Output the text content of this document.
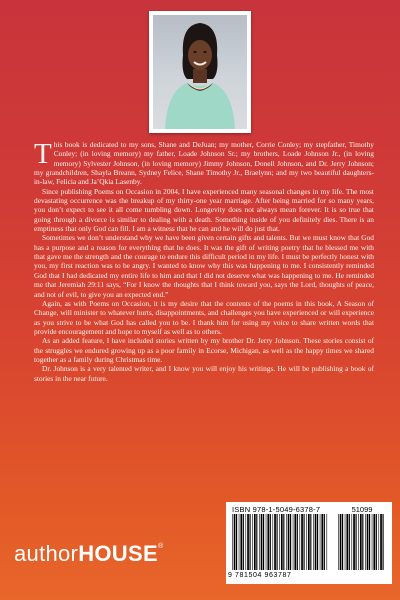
This book is dedicated to my sons, Shane and DeJuan; my mother, Corrie Conley; my stepfather, Timothy Conley; (in loving memory) my father, Loade Johnson Sr.; my brothers, Loade Johnson Jr., (in loving memory) Sylvester Johnson, (in loving memory) Jimmy Johnson, Donell Johnson, and Dr. Jerry Johnson; my grandchildren, Shayla Breann, Sydney Felice, Shane Timothy Jr., Braelynn; and my two beautiful daughters-in-law, Felicia and Ja’Qkia Lasenby.

Since publishing Poems on Occasion in 2004, I have experienced many seasonal changes in my life. The most devastating occurrence was the breakup of my thirty-one year marriage. After being married for so many years, you don’t expect to see it all come tumbling down. Longevity does not always mean forever. It is so true that going through a divorce is similar to dealing with a death. Something inside of you definitely dies. There is an emptiness that only God can fill. I am a witness that he can and he will do just that.

Sometimes we don’t understand why we have been given certain gifts and talents. But we must know that God has a purpose and a reason for everything that he does. It was the gift of writing poetry that he blessed me with that gave me the strength and the courage to endure this difficult period in my life. I must be perfectly honest with you, my first reaction was to be angry. I wanted to know why this was happening to me. I consistently reminded God that I had dedicated my entire life to him and that I did not deserve what was happening to me. He reminded me that Jeremiah 29:11 says, “For I know the thoughts that I think toward you, says the Lord, thoughts of peace, and not of evil, to give you an expected end.”

Again, as with Poems on Occasion, it is my desire that the contents of the poems in this book, A Season of Change, will minister to whatever hurts, disappointments, and challenges you have experienced or will experience as you strive to be what God has called you to be. I thank him for using my voice to share written words that provide encouragement and hope to myself as well as to others.

As an added feature, I have included stories written by my brother Dr. Jerry Johnson. These stories consist of the struggles we endured growing up as a poor family in Ecorse, Michigan, as well as the happy times we shared together as a family during Christmas time.

Dr. Johnson is a very talented writer, and I know you will enjoy his writings. He will be publishing a book of stories in the near future.

ISBN 978-1-5049-6378-7
9 781504 963787
51099
authorHOUSE®
